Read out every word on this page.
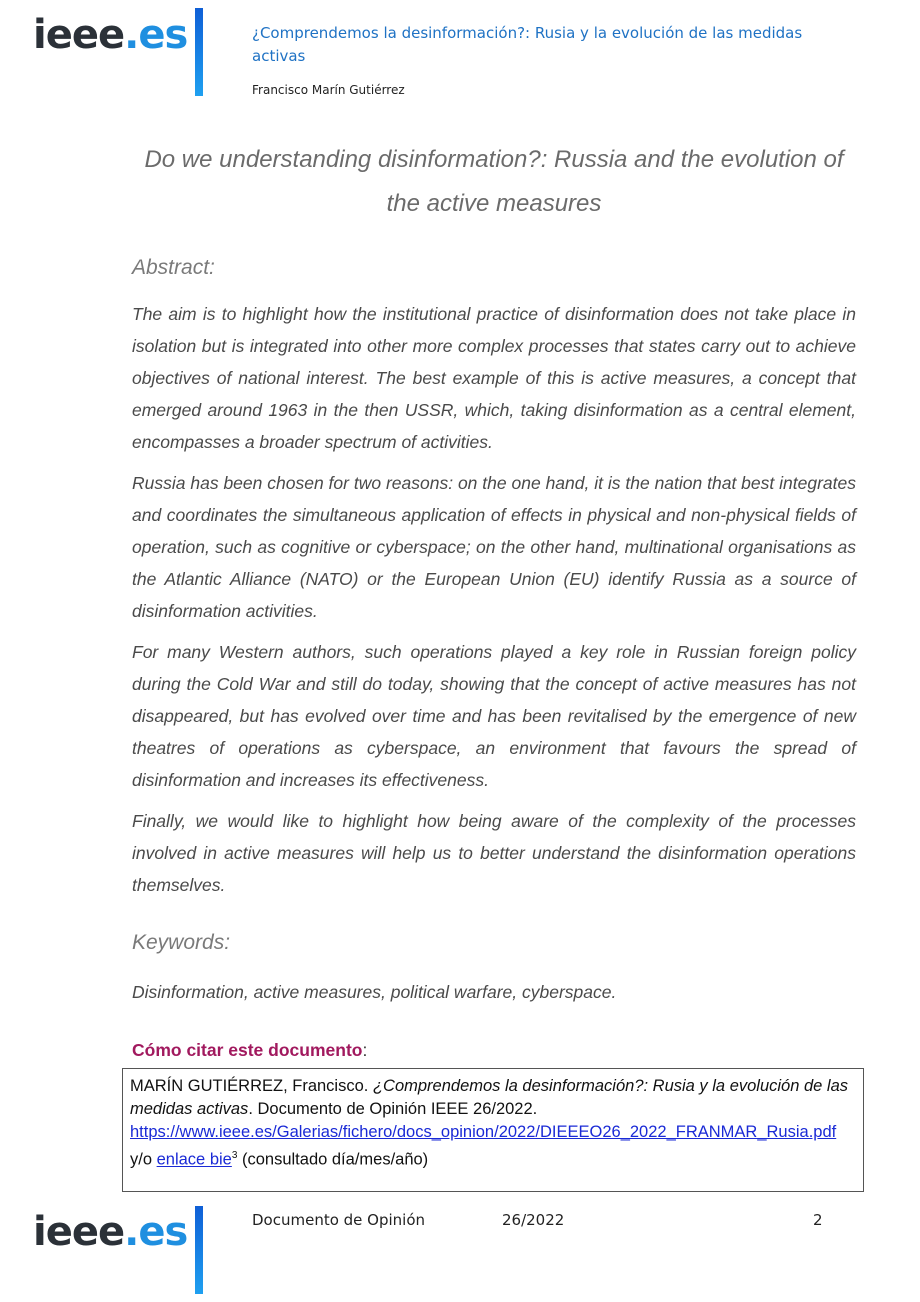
ieee.es	¿Comprendemos la desinformación?: Rusia y la evolución de las medidas activas
Francisco Marín Gutiérrez
Do we understanding disinformation?: Russia and the evolution of the active measures
Abstract:

The aim is to highlight how the institutional practice of disinformation does not take place in isolation but is integrated into other more complex processes that states carry out to achieve objectives of national interest. The best example of this is active measures, a concept that emerged around 1963 in the then USSR, which, taking disinformation as a central element, encompasses a broader spectrum of activities.

Russia has been chosen for two reasons: on the one hand, it is the nation that best integrates and coordinates the simultaneous application of effects in physical and non-physical fields of operation, such as cognitive or cyberspace; on the other hand, multinational organisations as the Atlantic Alliance (NATO) or the European Union (EU) identify Russia as a source of disinformation activities.

For many Western authors, such operations played a key role in Russian foreign policy during the Cold War and still do today, showing that the concept of active measures has not disappeared, but has evolved over time and has been revitalised by the emergence of new theatres of operations as cyberspace, an environment that favours the spread of disinformation and increases its effectiveness.

Finally, we would like to highlight how being aware of the complexity of the processes involved in active measures will help us to better understand the disinformation operations themselves.

Keywords:
Disinformation, active measures, political warfare, cyberspace.
Cómo citar este documento:
MARÍN GUTIÉRREZ, Francisco. ¿Comprendemos la desinformación?: Rusia y la evolución de las medidas activas. Documento de Opinión IEEE 26/2022.
https://www.ieee.es/Galerias/fichero/docs_opinion/2022/DIEEEO26_2022_FRANMAR_Rusia.pdf y/o enlace bie$^3$ (consultado día/mes/año)
ieee.es	Documento de Opinión	26/2022	2
